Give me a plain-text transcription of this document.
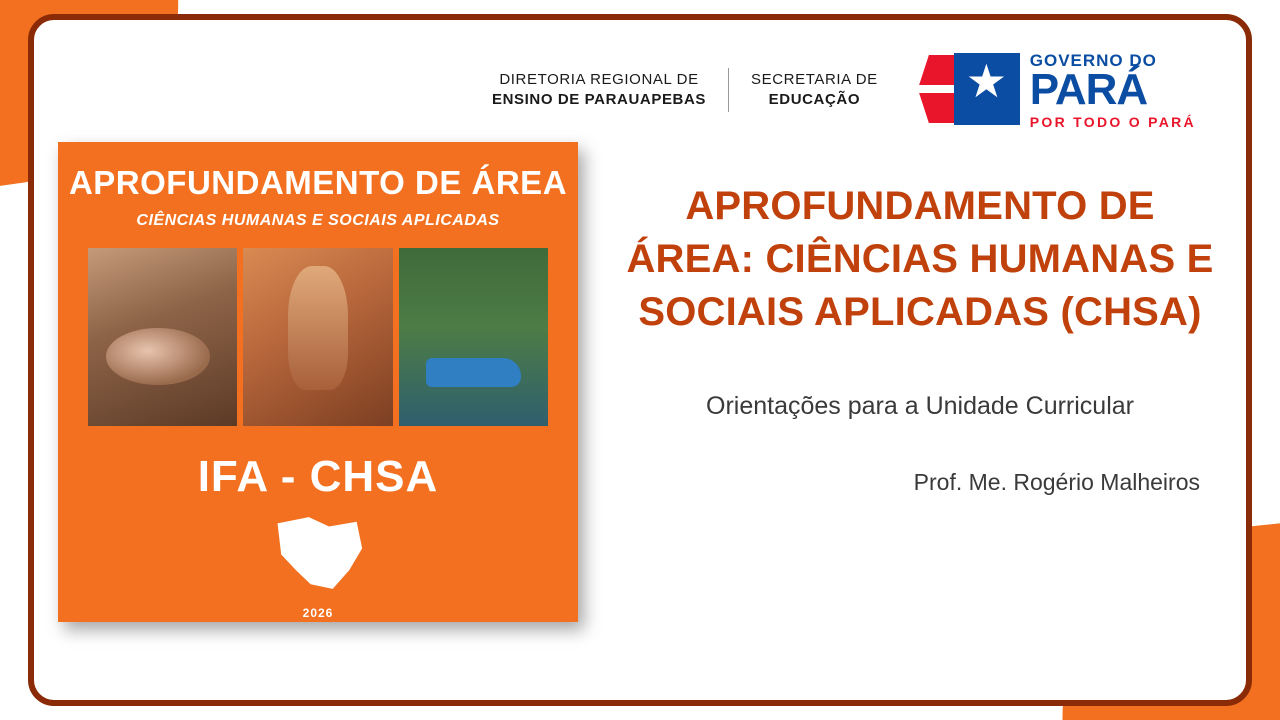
DIRETORIA REGIONAL DE
ENSINO DE PARAUAPEBAS
SECRETARIA DE
EDUCAÇÃO	★ GOVERNO DO
PARÁ
POR TODO O PARÁ
APROFUNDAMENTO DE ÁREA
CIÊNCIAS HUMANAS E SOCIAIS APLICADAS
IFA - CHSA
2026
APROFUNDAMENTO DE ÁREA: CIÊNCIAS HUMANAS E SOCIAIS APLICADAS (CHSA)
Orientações para a Unidade Curricular
Prof. Me. Rogério Malheiros
